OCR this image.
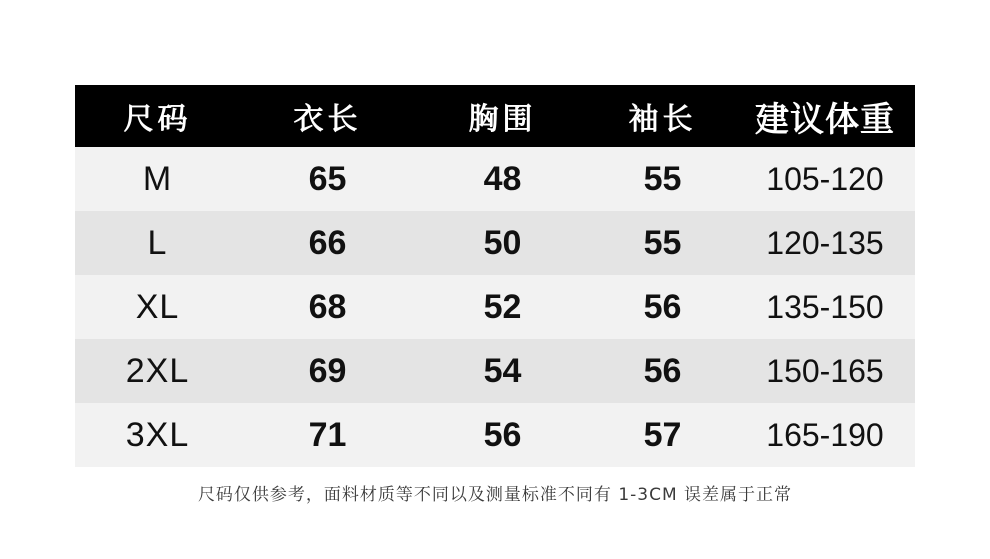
尺码	衣长	胸围	袖长	建议体重
M	65	48	55	105-120
L	66	50	55	120-135
XL	68	52	56	135-150
2XL	69	54	56	150-165
3XL	71	56	57	165-190
尺码仅供参考，面料材质等不同以及测量标准不同有 1-3CM 误差属于正常
